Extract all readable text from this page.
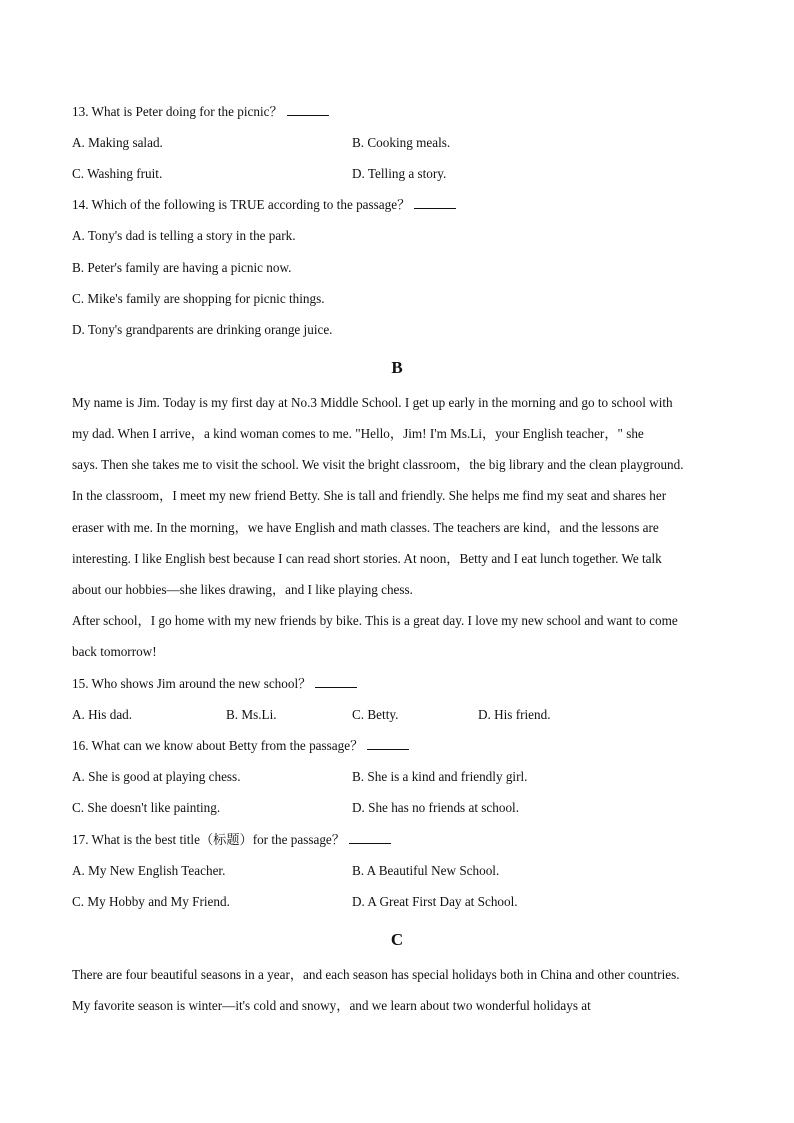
13. What is Peter doing for the picnic？
A. Making salad.	B. Cooking meals.
C. Washing fruit.	D. Telling a story.
14. Which of the following is TRUE according to the passage？
A. Tony's dad is telling a story in the park.
B. Peter's family are having a picnic now.
C. Mike's family are shopping for picnic things.
D. Tony's grandparents are drinking orange juice.
B
My name is Jim. Today is my first day at No.3 Middle School. I get up early in the morning and go to school with
my dad. When I arrive，a kind woman comes to me. "Hello，Jim! I'm Ms.Li，your English teacher，" she
says. Then she takes me to visit the school. We visit the bright classroom，the big library and the clean playground.
In the classroom，I meet my new friend Betty. She is tall and friendly. She helps me find my seat and shares her
eraser with me. In the morning，we have English and math classes. The teachers are kind，and the lessons are
interesting. I like English best because I can read short stories. At noon，Betty and I eat lunch together. We talk
about our hobbies—she likes drawing，and I like playing chess.
After school，I go home with my new friends by bike. This is a great day. I love my new school and want to come
back tomorrow!
15. Who shows Jim around the new school？
A. His dad.	B. Ms.Li.	C. Betty.	D. His friend.
16. What can we know about Betty from the passage？
A. She is good at playing chess.	B. She is a kind and friendly girl.
C. She doesn't like painting.	D. She has no friends at school.
17. What is the best title（标题）for the passage？
A. My New English Teacher.	B. A Beautiful New School.
C. My Hobby and My Friend.	D. A Great First Day at School.
C
There are four beautiful seasons in a year，and each season has special holidays both in China and other countries.
My favorite season is winter—it's cold and snowy，and we learn about two wonderful holidays at
